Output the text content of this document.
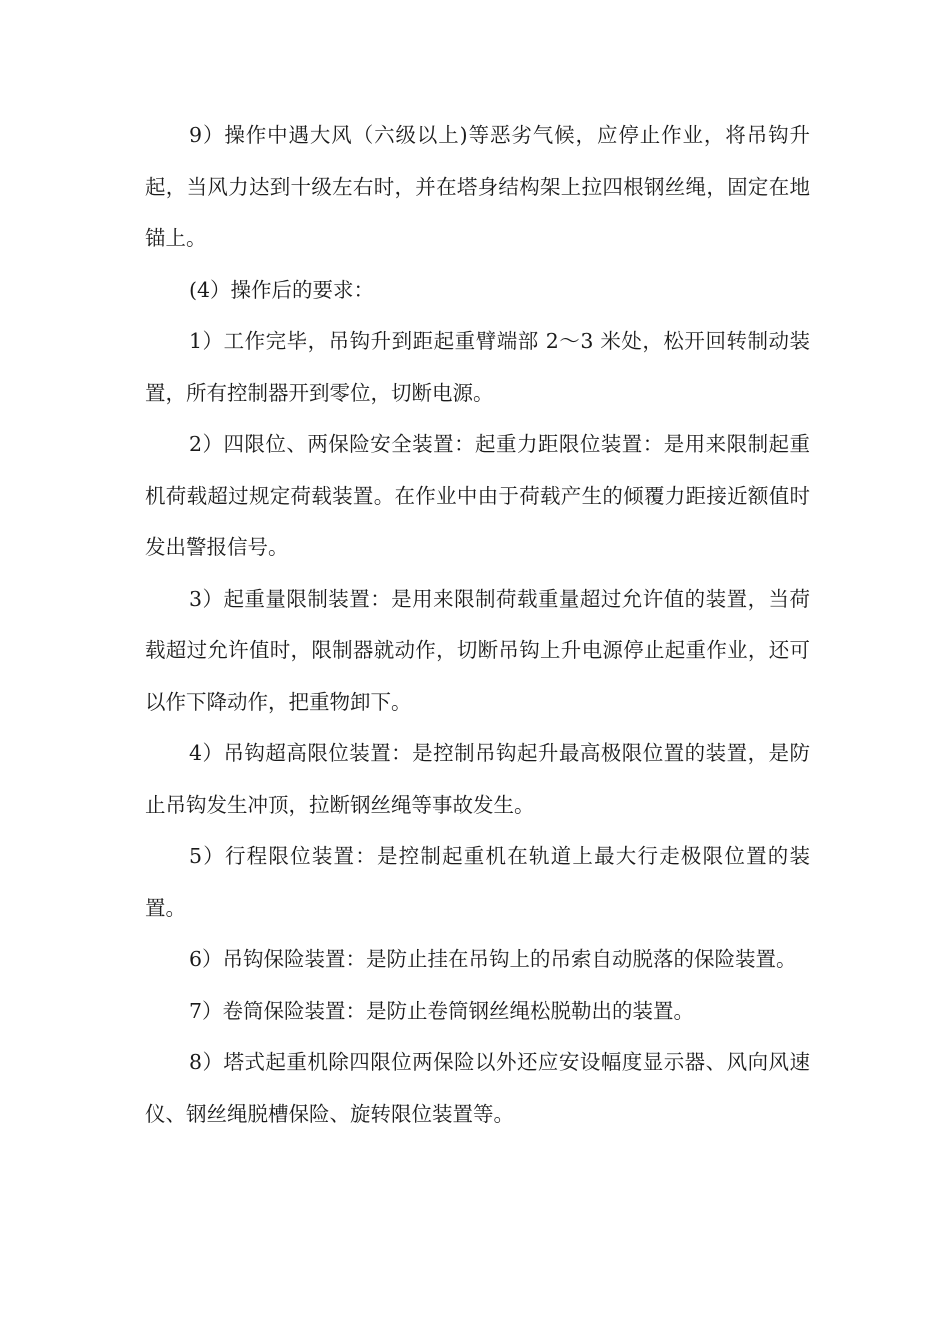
9）操作中遇大风（六级以上)等恶劣气候，应停止作业，将吊钩升起，当风力达到十级左右时，并在塔身结构架上拉四根钢丝绳，固定在地锚上。

(4）操作后的要求：

1）工作完毕，吊钩升到距起重臂端部 2～3 米处，松开回转制动装置，所有控制器开到零位，切断电源。

2）四限位、两保险安全装置：起重力距限位装置：是用来限制起重机荷载超过规定荷载装置。在作业中由于荷载产生的倾覆力距接近额值时发出警报信号。

3）起重量限制装置：是用来限制荷载重量超过允许值的装置，当荷载超过允许值时，限制器就动作，切断吊钩上升电源停止起重作业，还可以作下降动作，把重物卸下。

4）吊钩超高限位装置：是控制吊钩起升最高极限位置的装置，是防止吊钩发生冲顶，拉断钢丝绳等事故发生。

5）行程限位装置：是控制起重机在轨道上最大行走极限位置的装置。

6）吊钩保险装置：是防止挂在吊钩上的吊索自动脱落的保险装置。

7）卷筒保险装置：是防止卷筒钢丝绳松脱勒出的装置。

8）塔式起重机除四限位两保险以外还应安设幅度显示器、风向风速仪、钢丝绳脱槽保险、旋转限位装置等。
